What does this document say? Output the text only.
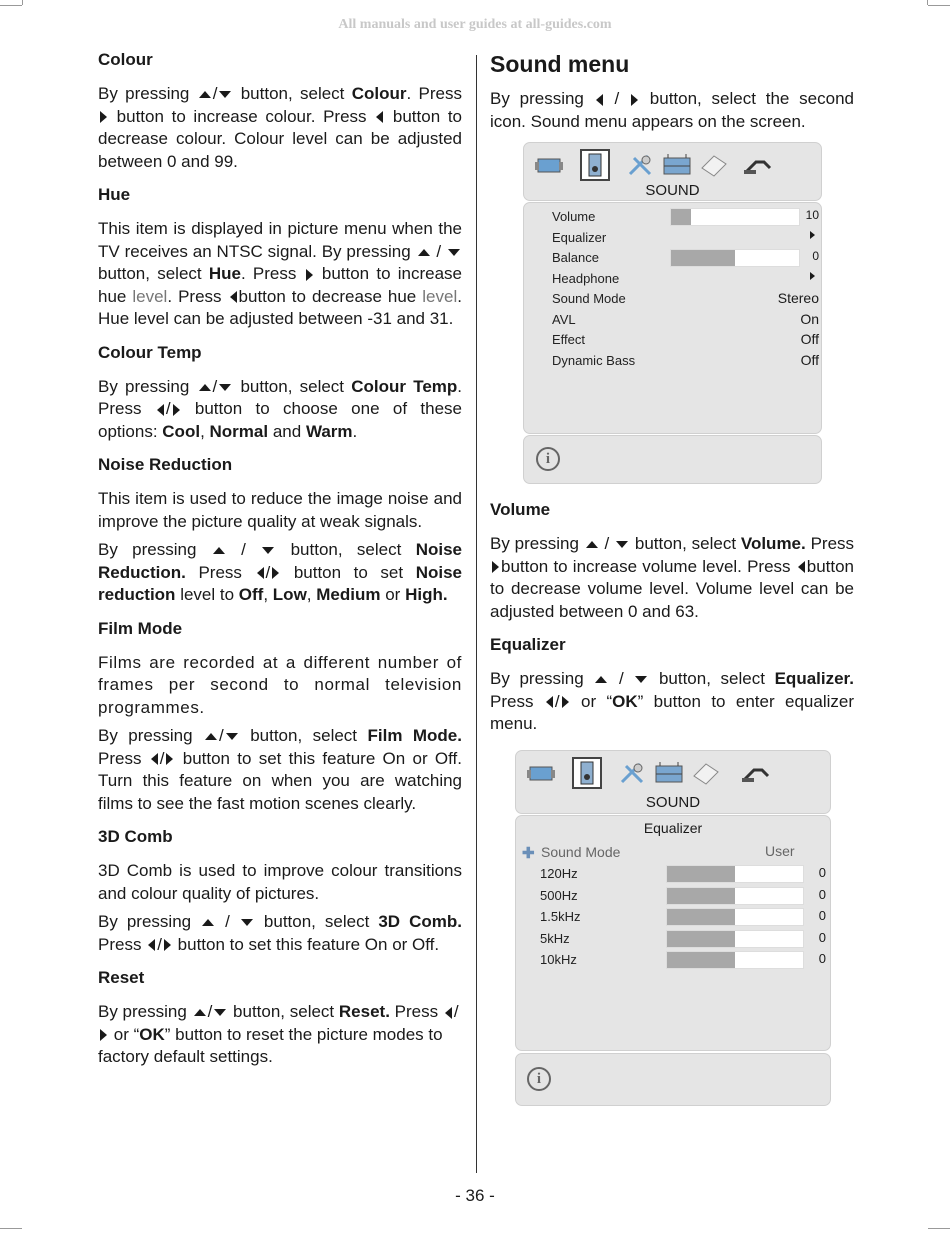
All manuals and user guides at all-guides.com
Colour

By pressing / button, select Colour. Press  button to increase colour. Press button to decrease colour. Colour level can be adjusted between 0 and 99.

Hue

This item is displayed in picture menu when the TV receives an NTSC signal. By pressing  /  button, select Hue. Press button to increase hue level. Press button to decrease hue level. Hue level can be adjusted between -31 and 31.

Colour Temp

By pressing / button, select Colour Temp. Press / button to choose one of these options: Cool, Normal and Warm.

Noise Reduction

This item is used to reduce the image noise and improve the picture quality at weak signals.

By pressing  /  button, select Noise Reduction. Press / button to set Noise reduction level to Off, Low, Medium or High.

Film Mode

Films are recorded at a different number of frames per second to normal television programmes.

By pressing / button, select Film Mode. Press / button to set this feature On or Off. Turn this feature on when you are watching films to see the fast motion scenes clearly.

3D Comb

3D Comb is used to improve colour transitions and colour quality of pictures.

By pressing  /  button, select 3D Comb. Press / button to set this feature On or Off.

Reset

By pressing / button, select Reset. Press / or “OK” button to reset the picture modes to factory default settings.

Sound menu

By pressing  /  button, select the second icon. Sound menu appears on the screen.

SOUND
Volume	10
Equalizer
Balance	0
Headphone
Sound Mode	Stereo
AVL	On
Effect	Off
Dynamic Bass	Off
i
Volume

By pressing  /  button, select Volume. Press button to increase volume level. Press button to decrease volume level. Volume level can be adjusted between 0 and 63.

Equalizer

By pressing  /  button, select Equalizer. Press / or “OK” button to enter equalizer menu.

SOUND
Equalizer
✚ Sound Mode	User
120Hz	0
500Hz	0
1.5kHz	0
5kHz	0
10kHz	0
i
- 36 -
